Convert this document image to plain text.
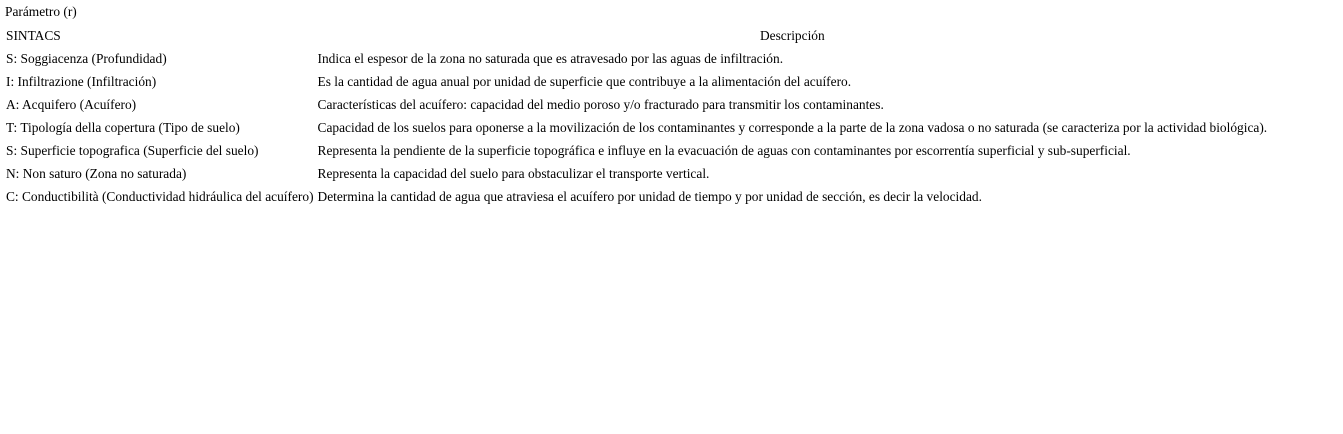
Parámetro (r)
SINTACS	Descripción
S: Soggiacenza (Profundidad)	Indica el espesor de la zona no saturada que es atravesado por las aguas de infiltración.
I: Infiltrazione (Infiltración)	Es la cantidad de agua anual por unidad de superficie que contribuye a la alimentación del acuífero.
A: Acquifero (Acuífero)	Características del acuífero: capacidad del medio poroso y/o fracturado para transmitir los contaminantes.
T: Tipología della copertura (Tipo de suelo)	Capacidad de los suelos para oponerse a la movilización de los contaminantes y corresponde a la parte de la zona vadosa o no saturada (se caracteriza por la actividad biológica).
S: Superficie topografica (Superficie del suelo)	Representa la pendiente de la superficie topográfica e influye en la evacuación de aguas con contaminantes por escorrentía superficial y sub-superficial.
N: Non saturo (Zona no saturada)	Representa la capacidad del suelo para obstaculizar el transporte vertical.
C: Conductibilità (Conductividad hidráulica del acuífero)	Determina la cantidad de agua que atraviesa el acuífero por unidad de tiempo y por unidad de sección, es decir la velocidad.
